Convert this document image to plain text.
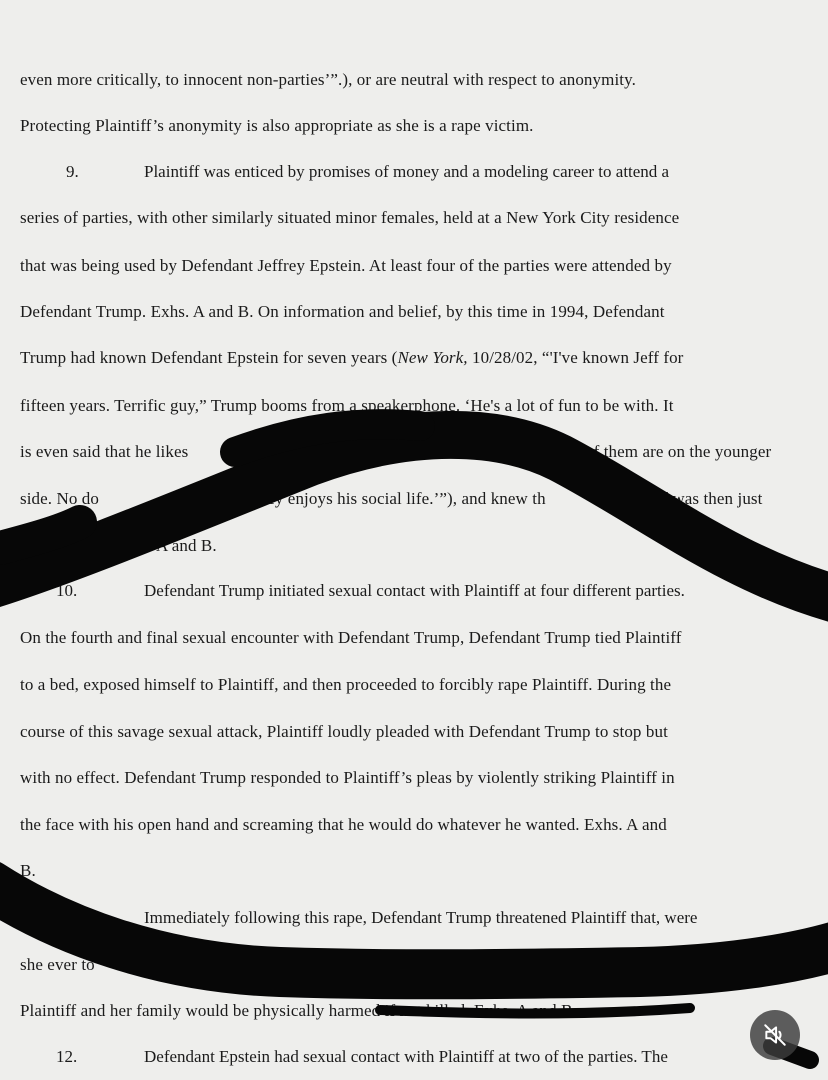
even more critically, to innocent non-parties’”.), or are neutral with respect to anonymity.
Protecting Plaintiff’s anonymity is also appropriate as she is a rape victim.
9.	Plaintiff was enticed by promises of money and a modeling career to attend a
series of parties, with other similarly situated minor females, held at a New York City residence
that was being used by Defendant Jeffrey Epstein. At least four of the parties were attended by
Defendant Trump. Exhs. A and B. On information and belief, by this time in 1994, Defendant
Trump had known Defendant Epstein for seven years (New York, 10/28/02, “'I've known Jeff for
fifteen years. Terrific guy,” Trump booms from a speakerphone. ‘He's a lot of fun to be with. It
is even said that he likes	as much as I do,	of them are on the younger
side. No do	it -- Jeffrey enjoys his social life.’”), and knew th	iff was then just
s old. Exhs. A and B.
10.	Defendant Trump initiated sexual contact with Plaintiff at four different parties.
On the fourth and final sexual encounter with Defendant Trump, Defendant Trump tied Plaintiff
to a bed, exposed himself to Plaintiff, and then proceeded to forcibly rape Plaintiff. During the
course of this savage sexual attack, Plaintiff loudly pleaded with Defendant Trump to stop but
with no effect. Defendant Trump responded to Plaintiff’s pleas by violently striking Plaintiff in
the face with his open hand and screaming that he would do whatever he wanted. Exhs. A and
B.
Immediately following this rape, Defendant Trump threatened Plaintiff that, were
she ever to	sexual and physical abuse of her by Defendant Trump,
Plaintiff and her family would be physically harmed if not killed. Exhs. A and B.
12.	Defendant Epstein had sexual contact with Plaintiff at two of the parties. The
